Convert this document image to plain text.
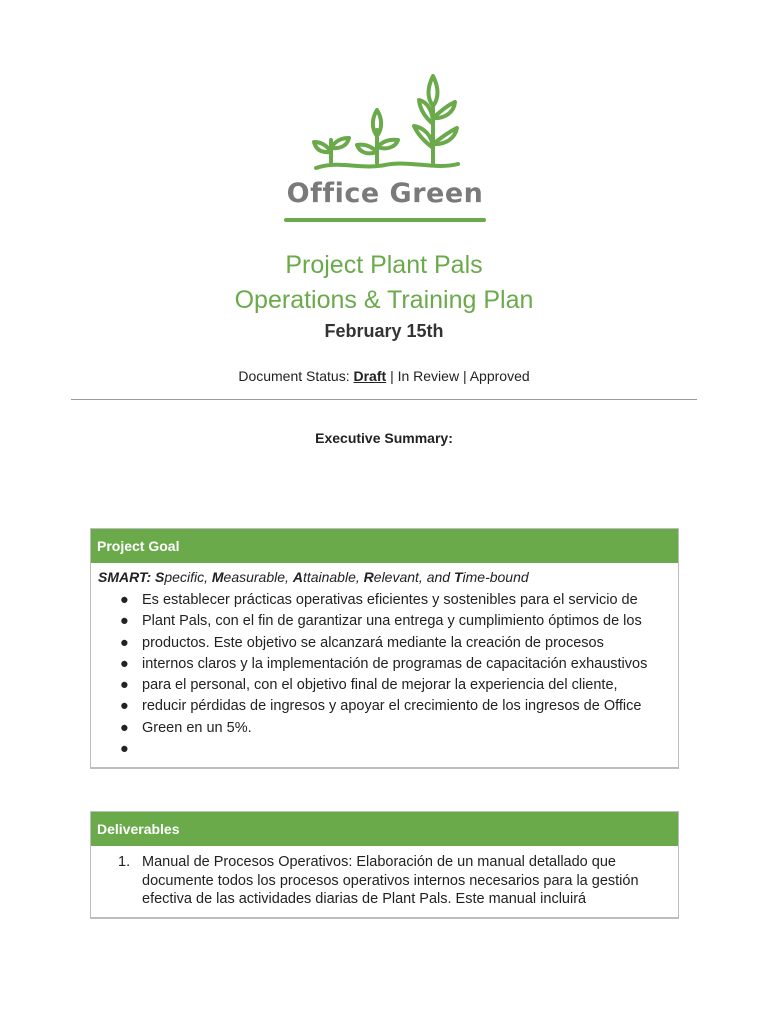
Office Green

Project Plant Pals
Operations & Training Plan

February 15th

Document Status: Draft | In Review | Approved

Executive Summary:

Project Goal
SMART: Specific, Measurable, Attainable, Relevant, and Time-bound
● Es establecer prácticas operativas eficientes y sostenibles para el servicio de
● Plant Pals, con el fin de garantizar una entrega y cumplimiento óptimos de los
● productos. Este objetivo se alcanzará mediante la creación de procesos
● internos claros y la implementación de programas de capacitación exhaustivos
● para el personal, con el objetivo final de mejorar la experiencia del cliente,
● reducir pérdidas de ingresos y apoyar el crecimiento de los ingresos de Office
● Green en un 5%.
●
Deliverables
1. Manual de Procesos Operativos: Elaboración de un manual detallado que
documente todos los procesos operativos internos necesarios para la gestión
efectiva de las actividades diarias de Plant Pals. Este manual incluirá
